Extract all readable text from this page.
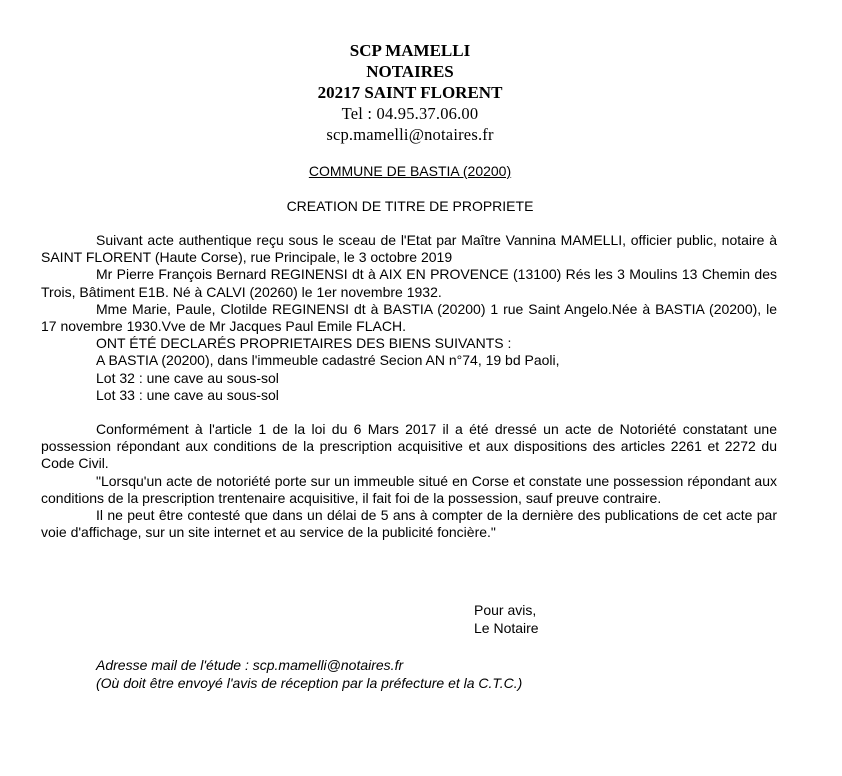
SCP MAMELLI
NOTAIRES
20217 SAINT FLORENT
Tel : 04.95.37.06.00
scp.mamelli@notaires.fr
COMMUNE DE BASTIA (20200)
CREATION DE TITRE DE PROPRIETE

Suivant acte authentique reçu sous le sceau de l'Etat par Maître Vannina MAMELLI, officier public, notaire à SAINT FLORENT (Haute Corse), rue Principale, le 3 octobre 2019

Mr Pierre François Bernard REGINENSI dt à AIX EN PROVENCE (13100) Rés les 3 Moulins 13 Chemin des Trois, Bâtiment E1B. Né à CALVI (20260) le 1er novembre 1932.

Mme Marie, Paule, Clotilde REGINENSI dt à BASTIA (20200) 1 rue Saint Angelo.Née à BASTIA (20200), le 17 novembre 1930.Vve de Mr Jacques Paul Emile FLACH.

ONT ÉTÉ DECLARÉS PROPRIETAIRES DES BIENS SUIVANTS :

A BASTIA (20200), dans l'immeuble cadastré Secion AN n°74, 19 bd Paoli,

Lot 32 : une cave au sous-sol

Lot 33 : une cave au sous-sol

Conformément à l'article 1 de la loi du 6 Mars 2017 il a été dressé un acte de Notoriété constatant une possession répondant aux conditions de la prescription acquisitive et aux dispositions des articles 2261 et 2272 du Code Civil.

"Lorsqu'un acte de notoriété porte sur un immeuble situé en Corse et constate une possession répondant aux conditions de la prescription trentenaire acquisitive, il fait foi de la possession, sauf preuve contraire.

Il ne peut être contesté que dans un délai de 5 ans à compter de la dernière des publications de cet acte par voie d'affichage, sur un site internet et au service de la publicité foncière."

Pour avis,
Le Notaire
Adresse mail de l'étude : scp.mamelli@notaires.fr
(Où doit être envoyé l'avis de réception par la préfecture et la C.T.C.)
